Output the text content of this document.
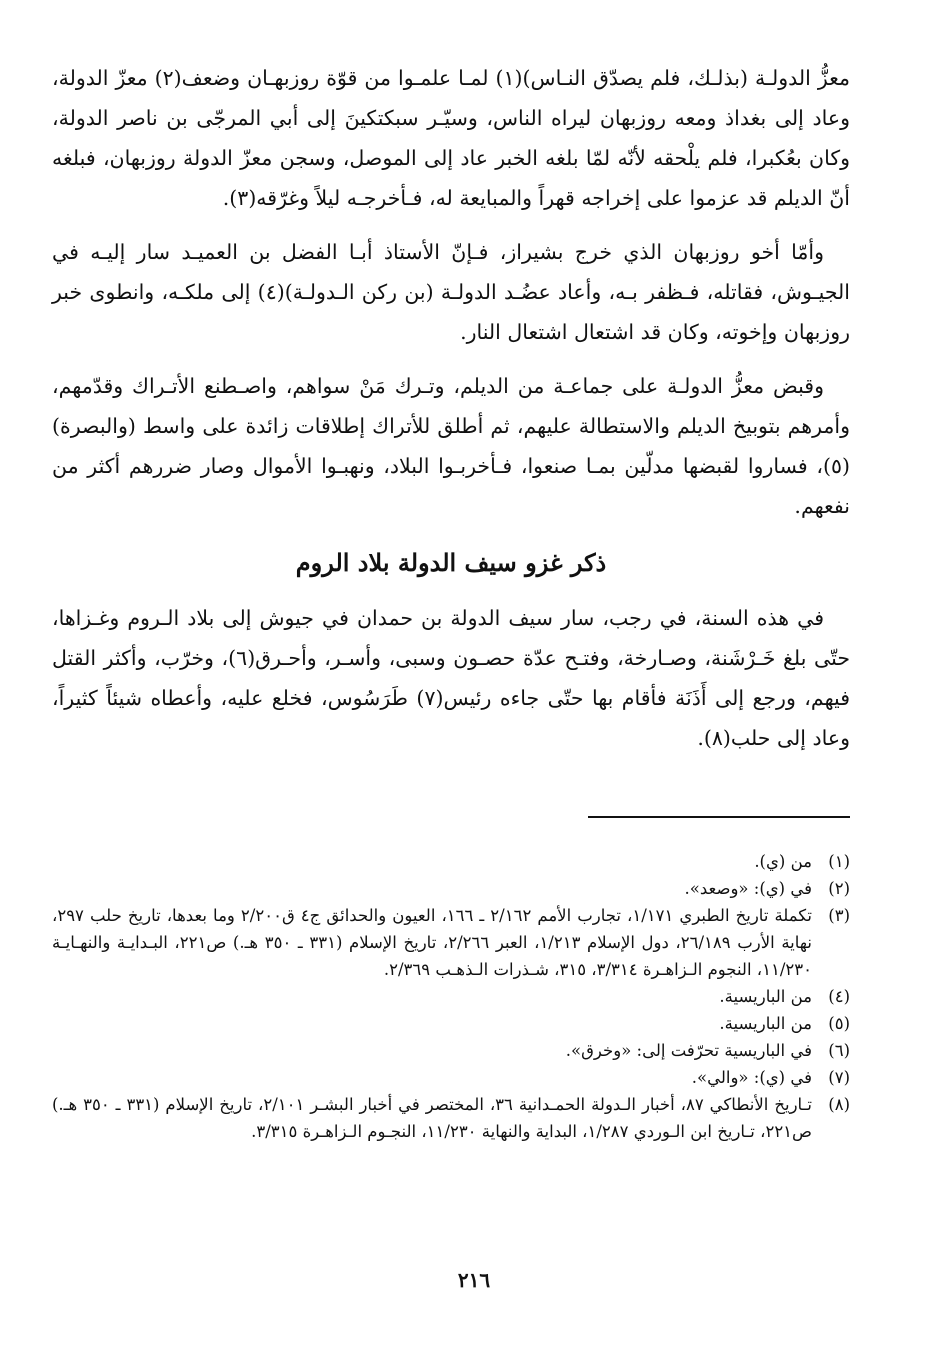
معزُّ الدولـة (بذلـك، فلم يصدّق النـاس)(١) لمـا علمـوا من قوّة روزبهـان وضعف(٢) معزّ الدولة، وعاد إلى بغداذ ومعه روزبهان ليراه الناس، وسيّـر سبكتكينَ إلى أبي المرجّى بن ناصر الدولة، وكان بعُكبرا، فلم يلْحقه لأنّه لمّا بلغه الخبر عاد إلى الموصل، وسجن معزّ الدولة روزبهان، فبلغه أنّ الديلم قد عزموا على إخراجه قهراً والمبايعة له، فـأخرجـه ليلاً وغرّقه(٣).

وأمّا أخو روزبهان الذي خرج بشيراز، فـإنّ الأستاذ أبـا الفضل بن العميـد سار إليـه في الجيـوش، فقاتله، فـظفر بـه، وأعاد عضُـد الدولـة (بن ركن الـدولـة)(٤) إلى ملكـه، وانطوى خبر روزبهان وإخوته، وكان قد اشتعال اشتعال النار.

وقبض معزُّ الدولـة على جماعـة من الديلم، وتـرك مَنْ سواهم، واصـطنع الأتـراك وقدّمهم، وأمرهم بتوبيخ الديلم والاستطالة عليهم، ثم أطلق للأتراك إطلاقات زائدة على واسط (والبصرة)(٥)، فساروا لقبضها مدلّين بمـا صنعوا، فـأخربـوا البلاد، ونهبـوا الأموال وصار ضررهم أكثر من نفعهم.

ذكر غزو سيف الدولة بلاد الروم

في هذه السنة، في رجب، سار سيف الدولة بن حمدان في جيوش إلى بلاد الـروم وغـزاها، حتّى بلغ خَـرْشَنة، وصـارخة، وفتـح عدّة حصـون وسبى، وأسـر، وأحـرق(٦)، وخرّب، وأكثر القتل فيهم، ورجع إلى أَذَنَة فأقام بها حتّى جاءه رئيس(٧) طَرَسُوس، فخلع عليه، وأعطاه شيئاً كثيراً، وعاد إلى حلب(٨).

(١)
من (ي).
(٢)
في (ي): «وصعد».
(٣)
تكملة تاريخ الطبري ١/١٧١، تجارب الأمم ٢/١٦٢ ـ ١٦٦، العيون والحدائق ج٤ ق٢/٢٠٠ وما بعدها، تاريخ حلب ٢٩٧، نهاية الأرب ٢٦/١٨٩، دول الإسلام ١/٢١٣، العبر ٢/٢٦٦، تاريخ الإسلام (٣٣١ ـ ٣٥٠ هـ.) ص٢٢١، البـدايـة والنهـايـة ١١/٢٣٠، النجوم الـزاهـرة ٣/٣١٤، ٣١٥، شـذرات الـذهـب ٢/٣٦٩.
(٤)
من الباريسية.
(٥)
من الباريسية.
(٦)
في الباريسية تحرّفت إلى: «وخرق».
(٧)
في (ي): «والي».
(٨)
تـاريخ الأنطاكي ٨٧، أخبار الـدولة الحمـدانية ٣٦، المختصر في أخبار البشـر ٢/١٠١، تاريخ الإسلام (٣٣١ ـ ٣٥٠ هـ.) ص٢٢١، تـاريخ ابن الـوردي ١/٢٨٧، البداية والنهاية ١١/٢٣٠، النجـوم الـزاهـرة ٣/٣١٥.
٢١٦
